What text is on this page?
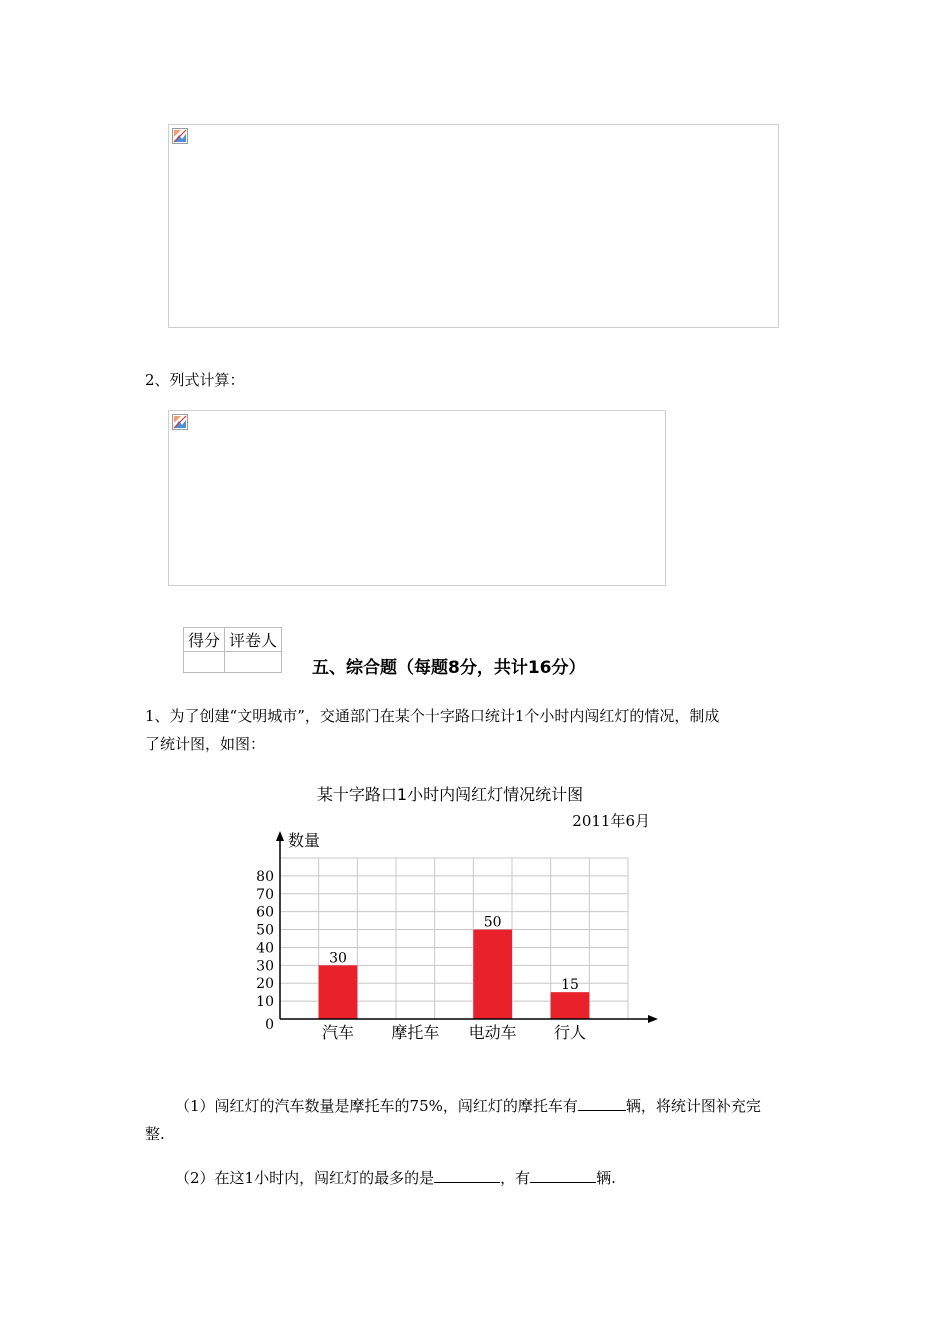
2、列式计算：
得分	评卷人

五、综合题（每题8分，共计16分）
1、为了创建“文明城市”，交通部门在某个十字路口统计1个小时内闯红灯的情况，制成
了统计图，如图：
某十字路口1小时内闯红灯情况统计图
2011年6月
数量
30
汽车 摩托车
50
电动车
15
行人
0
10
20
30
40
50
60
70
80
（1）闯红灯的汽车数量是摩托车的75%，闯红灯的摩托车有	辆，将统计图补充完
整.
（2）在这1小时内，闯红灯的最多的是	，有	辆.
